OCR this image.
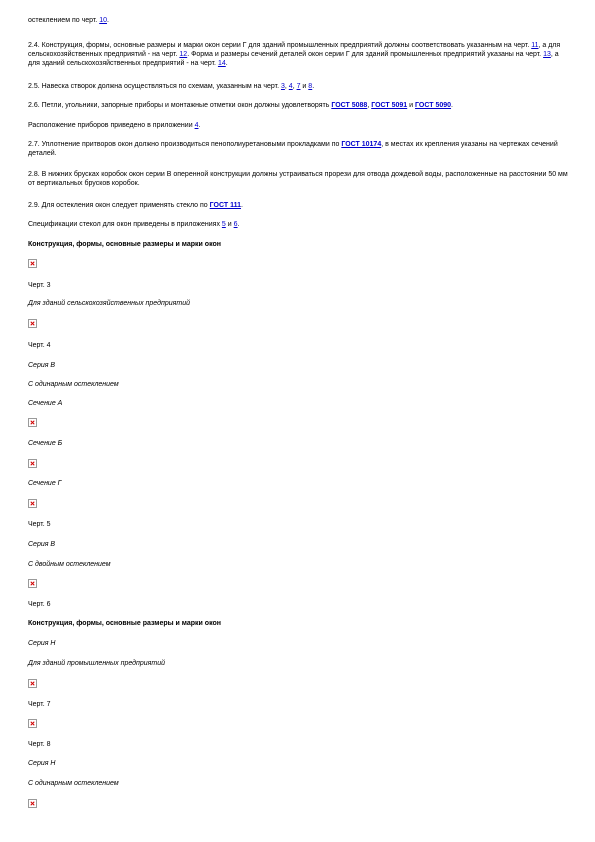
остеклением по черт. 10.

2.4. Конструкция, формы, основные размеры и марки окон серии Г для зданий промышленных предприятий должны соответствовать указанным на черт. 11, а для сельскохозяйственных предприятий - на черт. 12. Форма и размеры сечений деталей окон серии Г для зданий промышленных предприятий указаны на черт. 13, а для зданий сельскохозяйственных предприятий - на черт. 14.

2.5. Навеска створок должна осуществляться по схемам, указанным на черт. 3, 4, 7 и 8.

2.6. Петли, угольники, запорные приборы и монтажные отметки окон должны удовлетворять ГОСТ 5088, ГОСТ 5091 и ГОСТ 5090.

Расположение приборов приведено в приложении 4.

2.7. Уплотнение притворов окон должно производиться пенополиуретановыми прокладками по ГОСТ 10174, в местах их крепления указаны на чертежах сечений деталей.

2.8. В нижних брусках коробок окон серии В оперенной конструкции должны устраиваться прорези для отвода дождевой воды, расположенные на расстоянии 50 мм от вертикальных брусков коробок.

2.9. Для остекления окон следует применять стекло по ГОСТ 111.

Спецификации стекол для окон приведены в приложениях 5 и 6.

Конструкция, формы, основные размеры и марки окон

Черт. 3

Для зданий сельскохозяйственных предприятий

Черт. 4

Серия В

С одинарным остеклением

Сечение А

Сечение Б

Сечение Г

Черт. 5

Серия В

С двойным остеклением

Черт. 6

Конструкция, формы, основные размеры и марки окон

Серия Н

Для зданий промышленных предприятий

Черт. 7

Черт. 8

Серия Н

С одинарным остеклением
